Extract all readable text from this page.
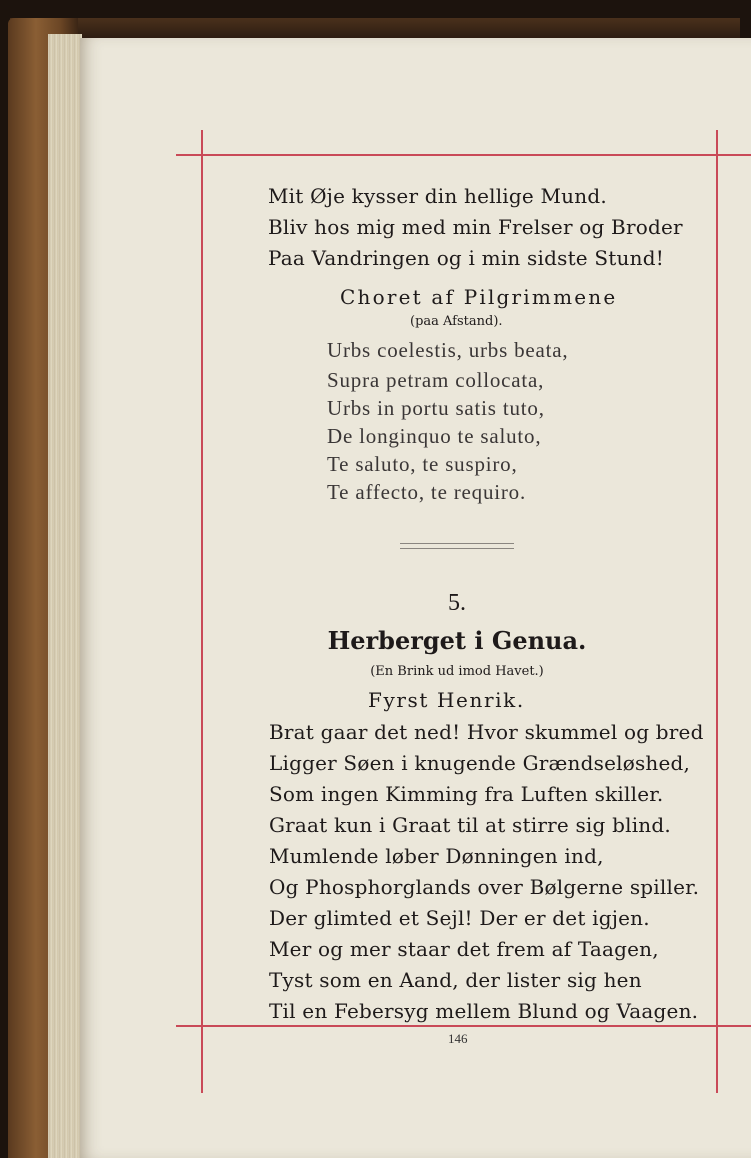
Mit Øje kysser din hellige Mund.
Bliv hos mig med min Frelser og Broder
Paa Vandringen og i min sidste Stund!
Choret af Pilgrimmene
(paa Afstand).
Urbs coelestis, urbs beata,
Supra petram collocata,
Urbs in portu satis tuto,
De longinquo te saluto,
Te saluto, te suspiro,
Te affecto, te requiro.
5.
Herberget i Genua.
(En Brink ud imod Havet.)
Fyrst Henrik.
Brat gaar det ned! Hvor skummel og bred
Ligger Søen i knugende Grændseløshed,
Som ingen Kimming fra Luften skiller.
Graat kun i Graat til at stirre sig blind.
Mumlende løber Dønningen ind,
Og Phosphorglands over Bølgerne spiller.
Der glimted et Sejl! Der er det igjen.
Mer og mer staar det frem af Taagen,
Tyst som en Aand, der lister sig hen
Til en Febersyg mellem Blund og Vaagen.
146
